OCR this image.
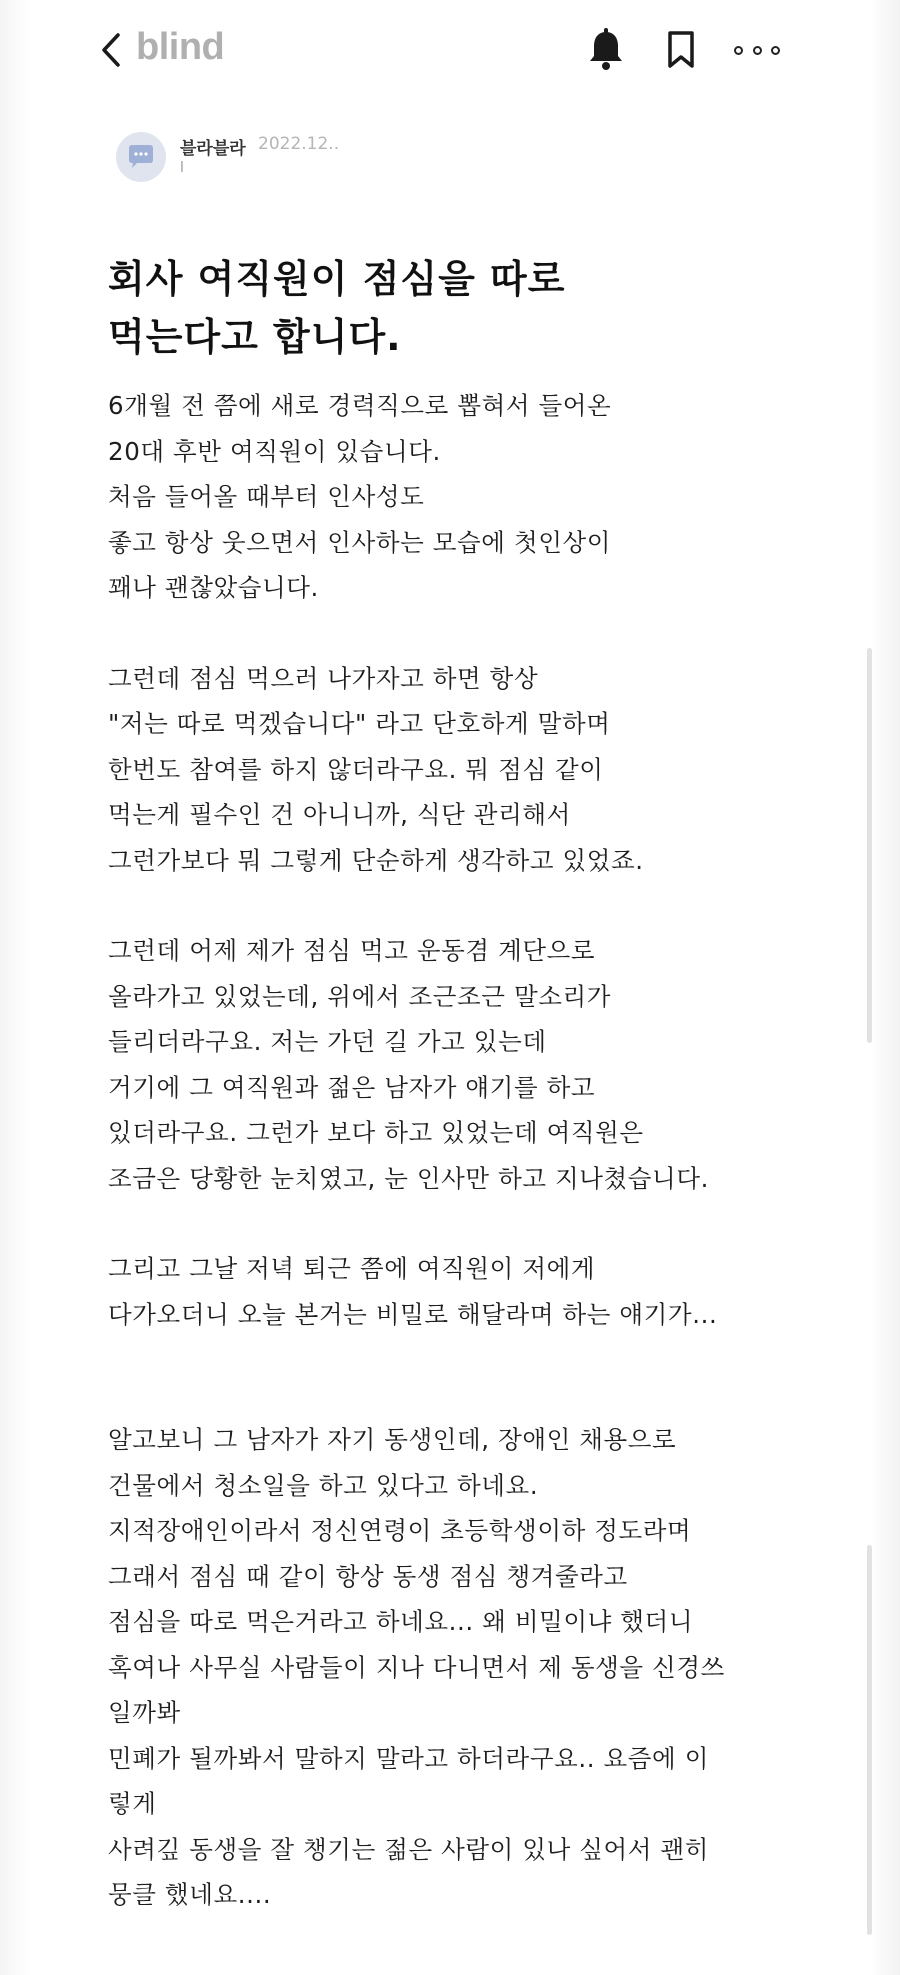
blind
블라블라 2022.12..
l
회사 여직원이 점심을 따로
먹는다고 합니다.
6개월 전 쯤에 새로 경력직으로 뽑혀서 들어온
20대 후반 여직원이 있습니다.
처음 들어올 때부터 인사성도
좋고 항상 웃으면서 인사하는 모습에 첫인상이
꽤나 괜찮았습니다.
그런데 점심 먹으러 나가자고 하면 항상
"저는 따로 먹겠습니다" 라고 단호하게 말하며
한번도 참여를 하지 않더라구요. 뭐 점심 같이
먹는게 필수인 건 아니니까, 식단 관리해서
그런가보다 뭐 그렇게 단순하게 생각하고 있었죠.
그런데 어제 제가 점심 먹고 운동겸 계단으로
올라가고 있었는데, 위에서 조근조근 말소리가
들리더라구요. 저는 가던 길 가고 있는데
거기에 그 여직원과 젊은 남자가 얘기를 하고
있더라구요. 그런가 보다 하고 있었는데 여직원은
조금은 당황한 눈치였고, 눈 인사만 하고 지나쳤습니다.
그리고 그날 저녁 퇴근 쯤에 여직원이 저에게
다가오더니 오늘 본거는 비밀로 해달라며 하는 얘기가...
알고보니 그 남자가 자기 동생인데, 장애인 채용으로
건물에서 청소일을 하고 있다고 하네요.
지적장애인이라서 정신연령이 초등학생이하 정도라며
그래서 점심 때 같이 항상 동생 점심 챙겨줄라고
점심을 따로 먹은거라고 하네요... 왜 비밀이냐 했더니
혹여나 사무실 사람들이 지나 다니면서 제 동생을 신경쓰
일까봐
민폐가 될까봐서 말하지 말라고 하더라구요.. 요즘에 이
렇게
사려깊 동생을 잘 챙기는 젊은 사람이 있나 싶어서 괜히
뭉클 했네요....
